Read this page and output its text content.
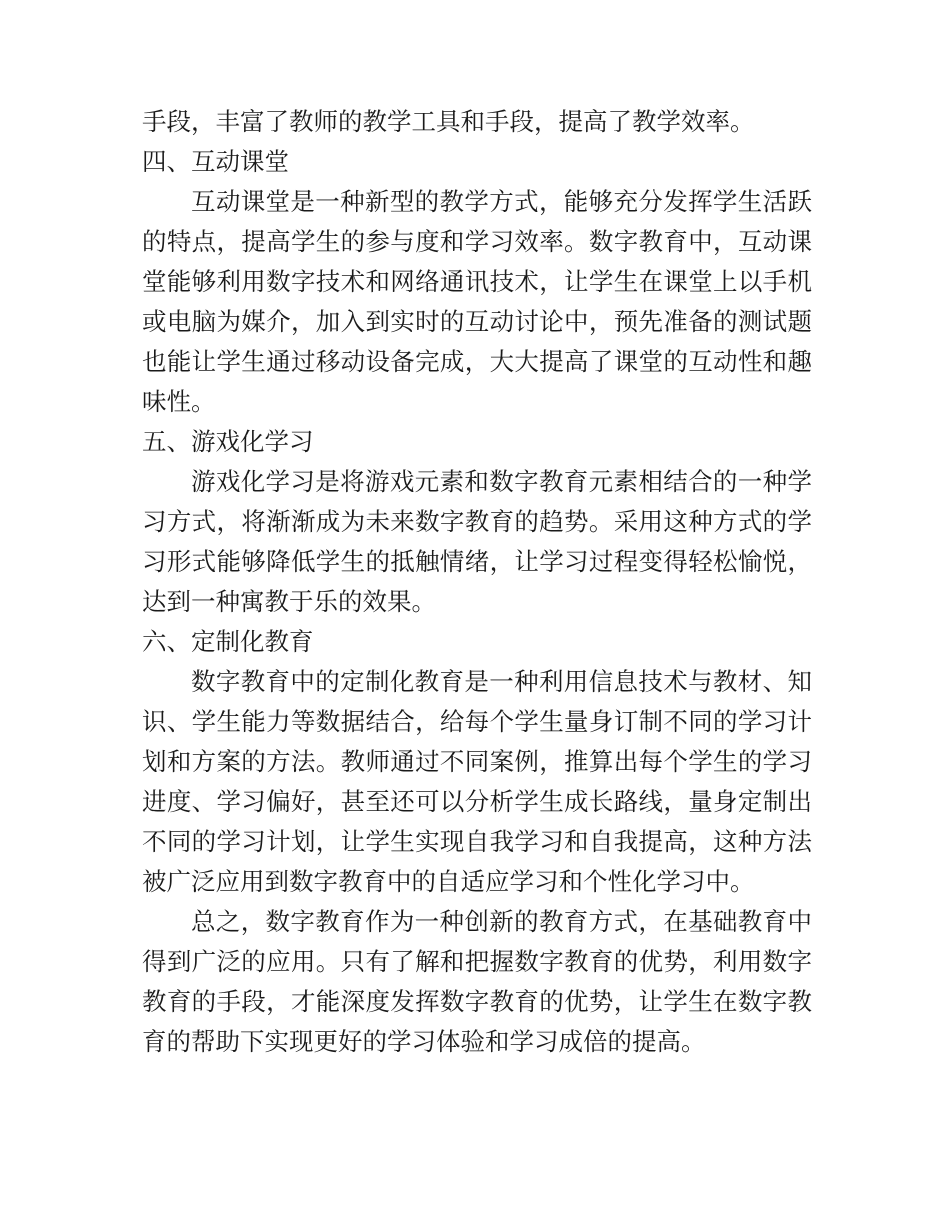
手段，丰富了教师的教学工具和手段，提高了教学效率。

四、互动课堂

互动课堂是一种新型的教学方式，能够充分发挥学生活跃的特点，提高学生的参与度和学习效率。数字教育中，互动课堂能够利用数字技术和网络通讯技术，让学生在课堂上以手机或电脑为媒介，加入到实时的互动讨论中，预先准备的测试题也能让学生通过移动设备完成，大大提高了课堂的互动性和趣味性。

五、游戏化学习

游戏化学习是将游戏元素和数字教育元素相结合的一种学习方式，将渐渐成为未来数字教育的趋势。采用这种方式的学习形式能够降低学生的抵触情绪，让学习过程变得轻松愉悦，达到一种寓教于乐的效果。

六、定制化教育

数字教育中的定制化教育是一种利用信息技术与教材、知识、学生能力等数据结合，给每个学生量身订制不同的学习计划和方案的方法。教师通过不同案例，推算出每个学生的学习进度、学习偏好，甚至还可以分析学生成长路线，量身定制出不同的学习计划，让学生实现自我学习和自我提高，这种方法被广泛应用到数字教育中的自适应学习和个性化学习中。

总之，数字教育作为一种创新的教育方式，在基础教育中得到广泛的应用。只有了解和把握数字教育的优势，利用数字教育的手段，才能深度发挥数字教育的优势，让学生在数字教育的帮助下实现更好的学习体验和学习成倍的提高。
